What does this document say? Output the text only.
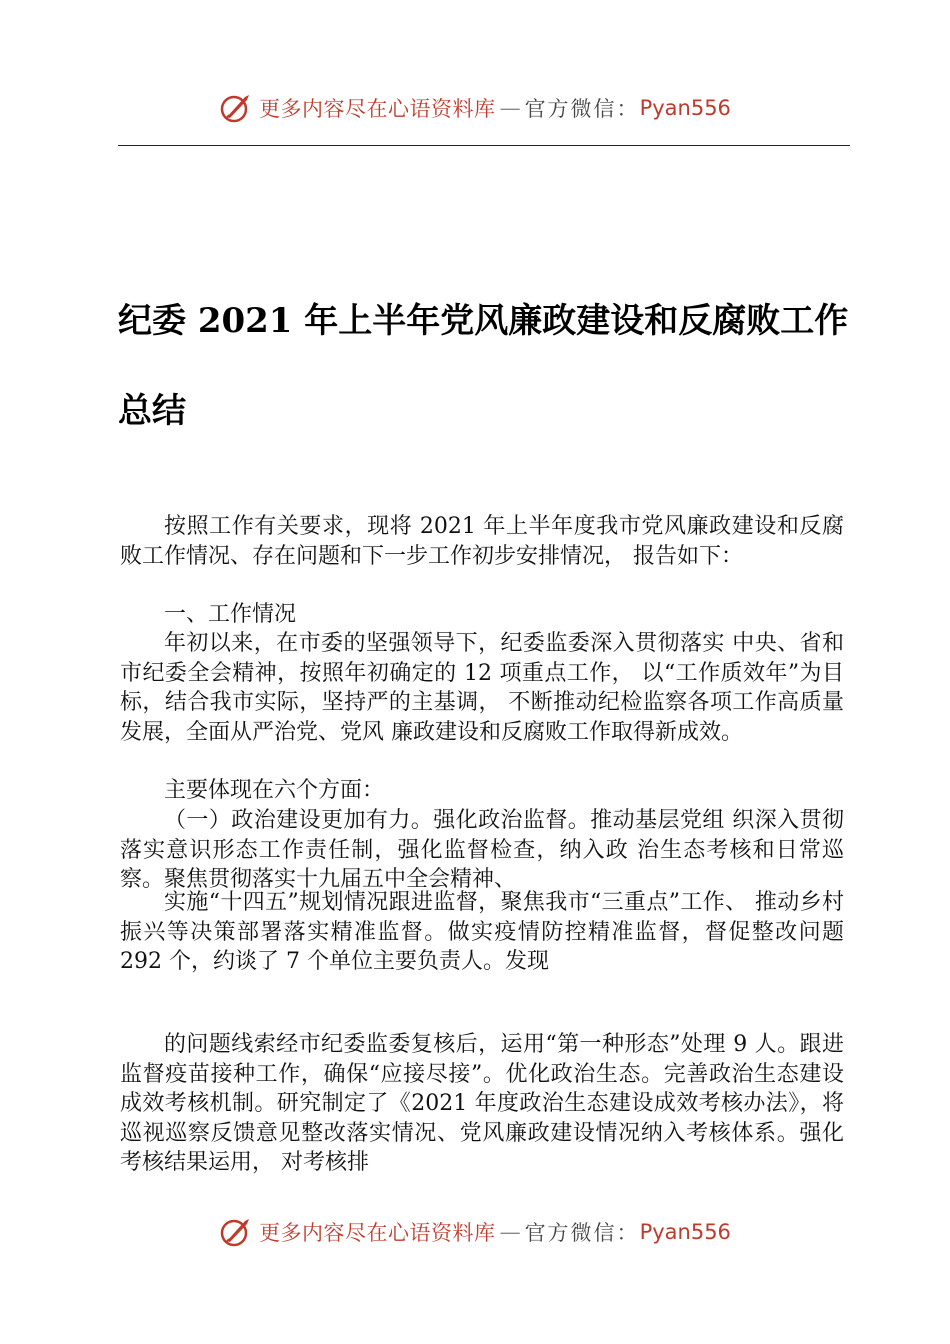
更多内容尽在心语资料库 — 官方微信： Pyan556
纪委 2021 年上半年党风廉政建设和反腐败工作总结

按照工作有关要求，现将 2021 年上半年度我市党风廉政建设和反腐败工作情况、存在问题和下一步工作初步安排情况， 报告如下：

一、工作情况

年初以来，在市委的坚强领导下，纪委监委深入贯彻落实 中央、省和市纪委全会精神，按照年初确定的 12 项重点工作， 以“工作质效年”为目标，结合我市实际，坚持严的主基调， 不断推动纪检监察各项工作高质量发展，全面从严治党、党风 廉政建设和反腐败工作取得新成效。

主要体现在六个方面：

（一）政治建设更加有力。强化政治监督。推动基层党组 织深入贯彻落实意识形态工作责任制，强化监督检查，纳入政 治生态考核和日常巡察。聚焦贯彻落实十九届五中全会精神、

实施“十四五”规划情况跟进监督，聚焦我市“三重点”工作、 推动乡村振兴等决策部署落实精准监督。做实疫情防控精准监督，督促整改问题 292 个，约谈了 7 个单位主要负责人。发现

的问题线索经市纪委监委复核后，运用“第一种形态”处理 9 人。跟进监督疫苗接种工作，确保“应接尽接”。优化政治生态。完善政治生态建设成效考核机制。研究制定了《2021 年度政治生态建设成效考核办法》，将巡视巡察反馈意见整改落实情况、党风廉政建设情况纳入考核体系。强化考核结果运用， 对考核排

更多内容尽在心语资料库 — 官方微信： Pyan556
